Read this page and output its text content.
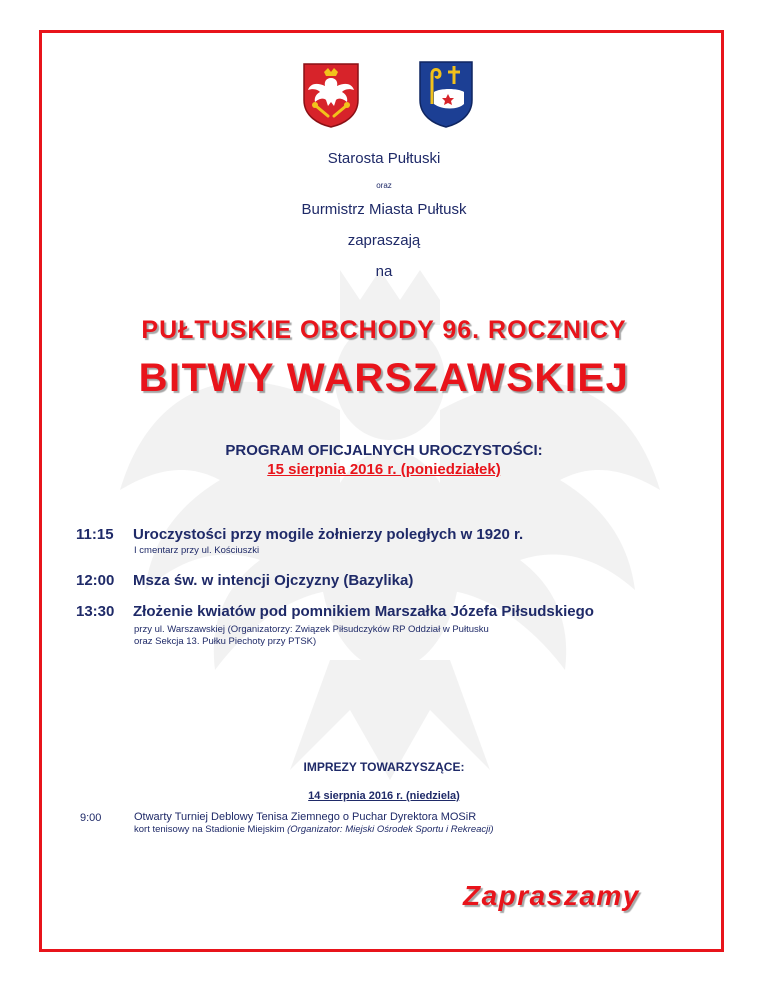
Starosta Pułtuski
oraz
Burmistrz Miasta Pułtusk
zapraszają
na
PUŁTUSKIE OBCHODY 96. ROCZNICY
BITWY WARSZAWSKIEJ
PROGRAM OFICJALNYCH UROCZYSTOŚCI:
15 sierpnia 2016 r. (poniedziałek)
11:15 Uroczystości przy mogile żołnierzy poległych w 1920 r.
I cmentarz przy ul. Kościuszki
12:00 Msza św. w intencji Ojczyzny (Bazylika)
13:30 Złożenie kwiatów pod pomnikiem Marszałka Józefa Piłsudskiego
przy ul. Warszawskiej (Organizatorzy: Związek Piłsudczyków RP Oddział w Pułtusku
oraz Sekcja 13. Pułku Piechoty przy PTSK)
IMPREZY TOWARZYSZĄCE:
14 sierpnia 2016 r. (niedziela)
9:00	Otwarty Turniej Deblowy Tenisa Ziemnego o Puchar Dyrektora MOSiR
kort tenisowy na Stadionie Miejskim (Organizator: Miejski Ośrodek Sportu i Rekreacji)
Zapraszamy
